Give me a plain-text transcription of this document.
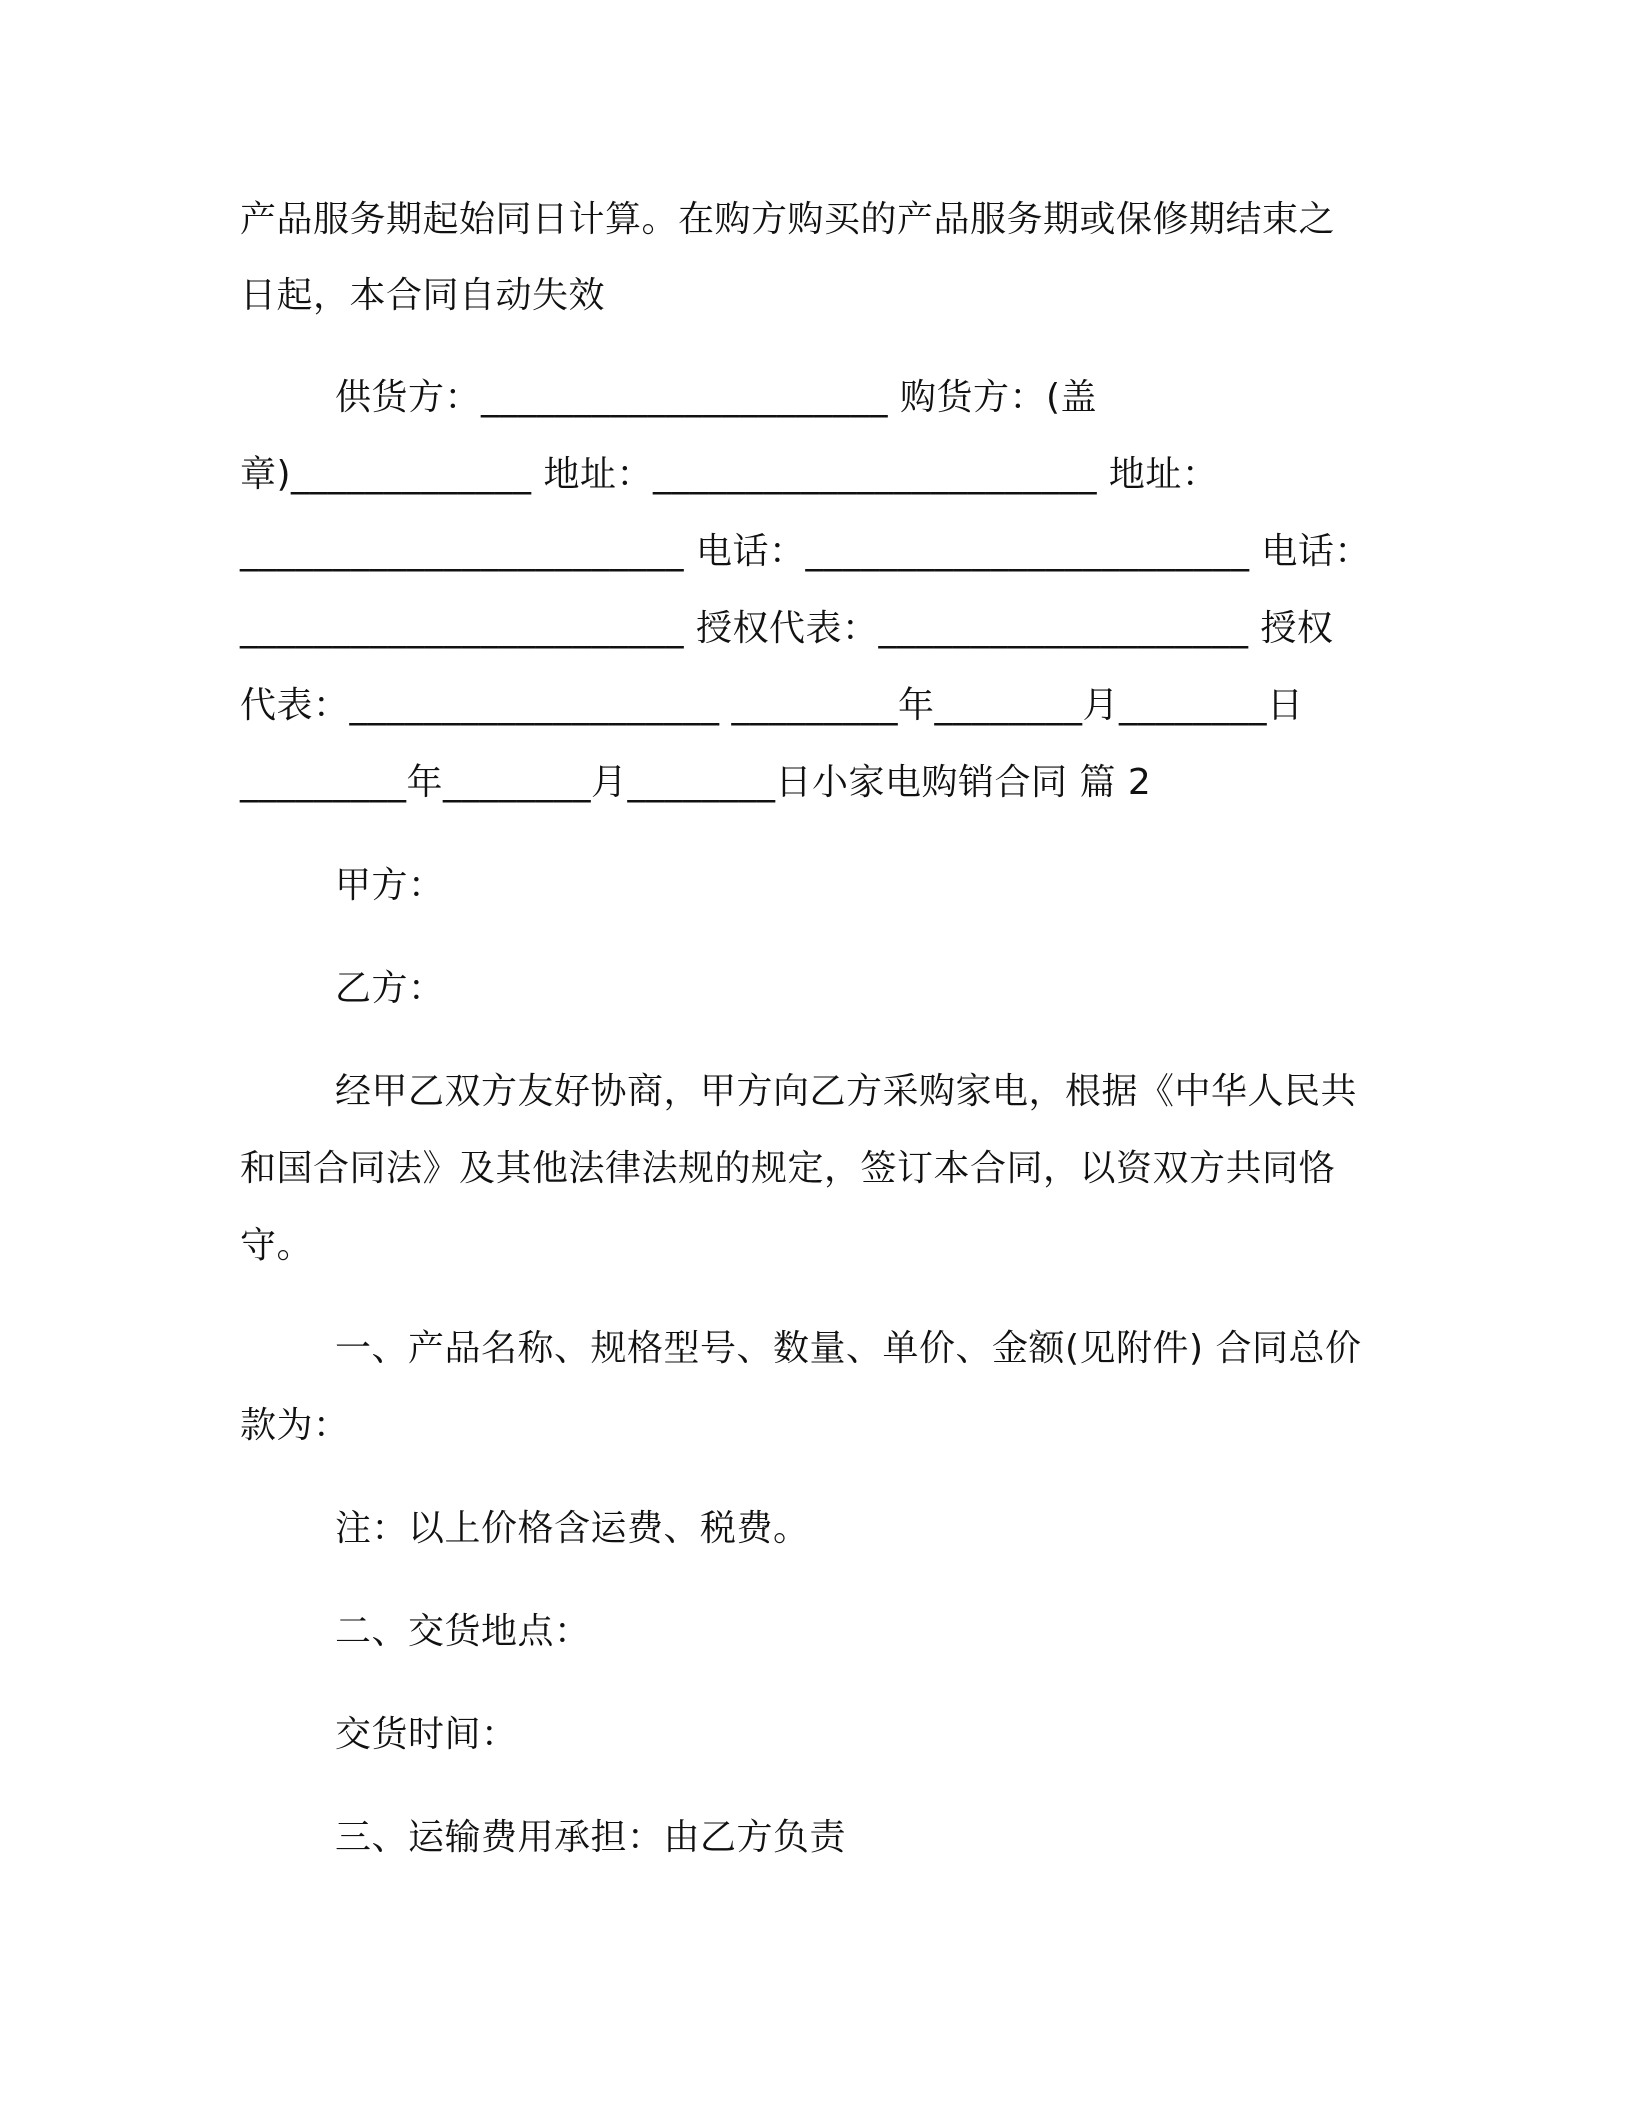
产品服务期起始同日计算。在购方购买的产品服务期或保修期结束之
日起，本合同自动失效
供货方：______________________ 购货方：(盖
章)_____________ 地址：________________________ 地址：
________________________ 电话：________________________ 电话：
________________________ 授权代表：____________________ 授权
代表：____________________ _________年________月________日
_________年________月________日小家电购销合同 篇 2
甲方：
乙方：
经甲乙双方友好协商，甲方向乙方采购家电，根据《中华人民共
和国合同法》及其他法律法规的规定，签订本合同，以资双方共同恪
守。
一、产品名称、规格型号、数量、单价、金额(见附件) 合同总价
款为：
注：以上价格含运费、税费。
二、交货地点：
交货时间：
三、运输费用承担：由乙方负责
